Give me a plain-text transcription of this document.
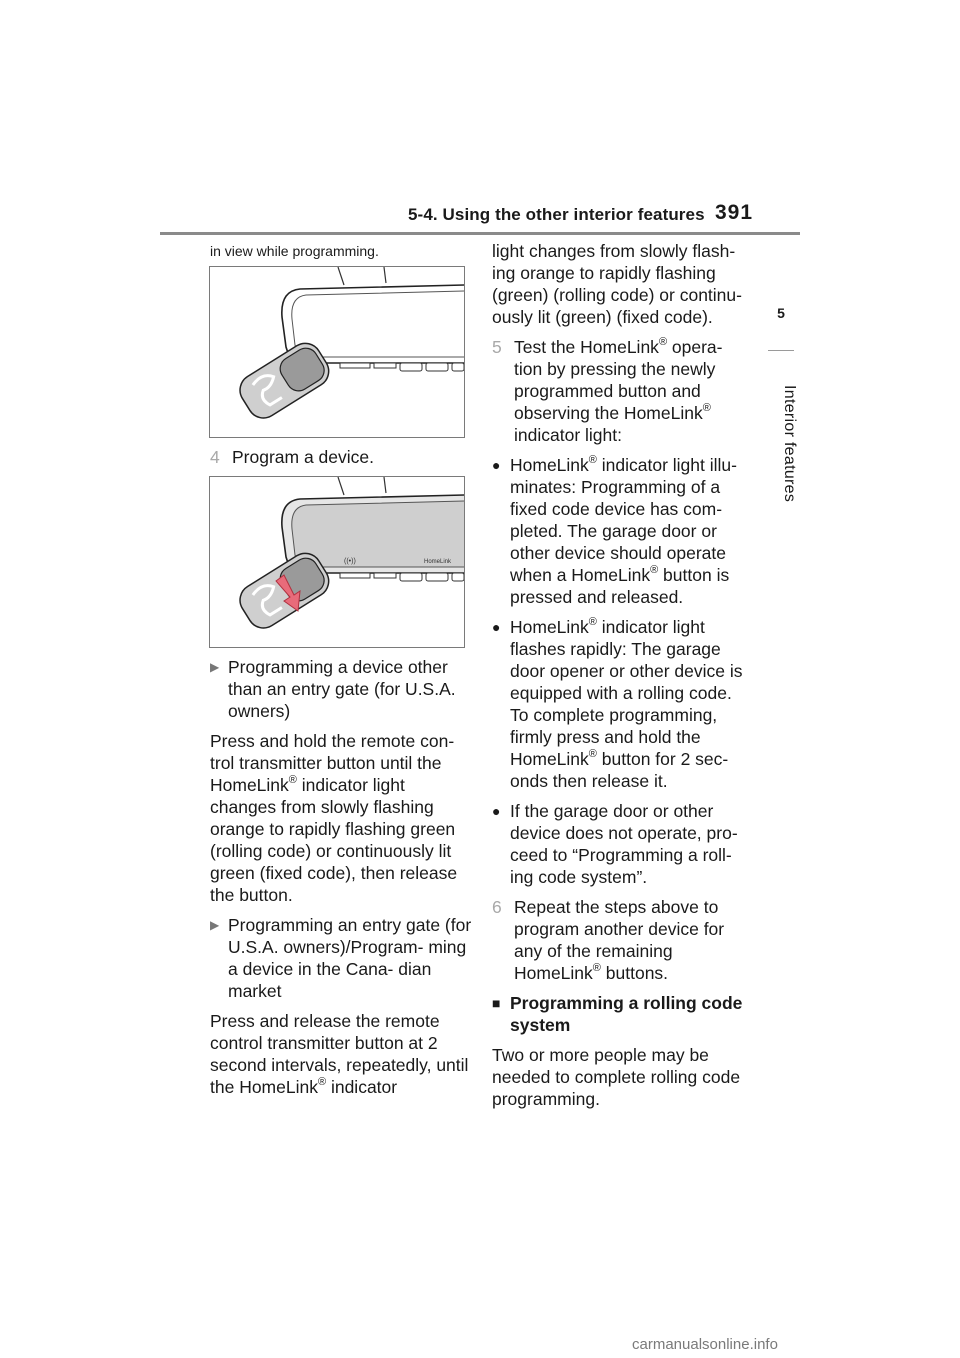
5-4. Using the other interior features 391
5
Interior features

in view while programming.

4 Program a device.
((•))	HomeLink
▶ Programming a device other than an entry gate (for U.S.A. owners)

Press and hold the remote con- trol transmitter button until the HomeLink® indicator light changes from slowly flashing orange to rapidly flashing green (rolling code) or continuously lit green (fixed code), then release the button.

▶ Programming an entry gate (for U.S.A. owners)/Program- ming a device in the Cana- dian market

Press and release the remote control transmitter button at 2 second intervals, repeatedly, until the HomeLink® indicator

light changes from slowly flash- ing orange to rapidly flashing (green) (rolling code) or continu- ously lit (green) (fixed code).

5 Test the HomeLink® opera- tion by pressing the newly programmed button and observing the HomeLink® indicator light:
● HomeLink® indicator light illu- minates: Programming of a fixed code device has com- pleted. The garage door or other device should operate when a HomeLink® button is pressed and released.
● HomeLink® indicator light flashes rapidly: The garage door opener or other device is equipped with a rolling code. To complete programming, firmly press and hold the HomeLink® button for 2 sec- onds then release it.
● If the garage door or other device does not operate, pro- ceed to “Programming a roll- ing code system”.
6 Repeat the steps above to program another device for any of the remaining HomeLink® buttons.
■ Programming a rolling code system

Two or more people may be needed to complete rolling code programming.

carmanualsonline.info
